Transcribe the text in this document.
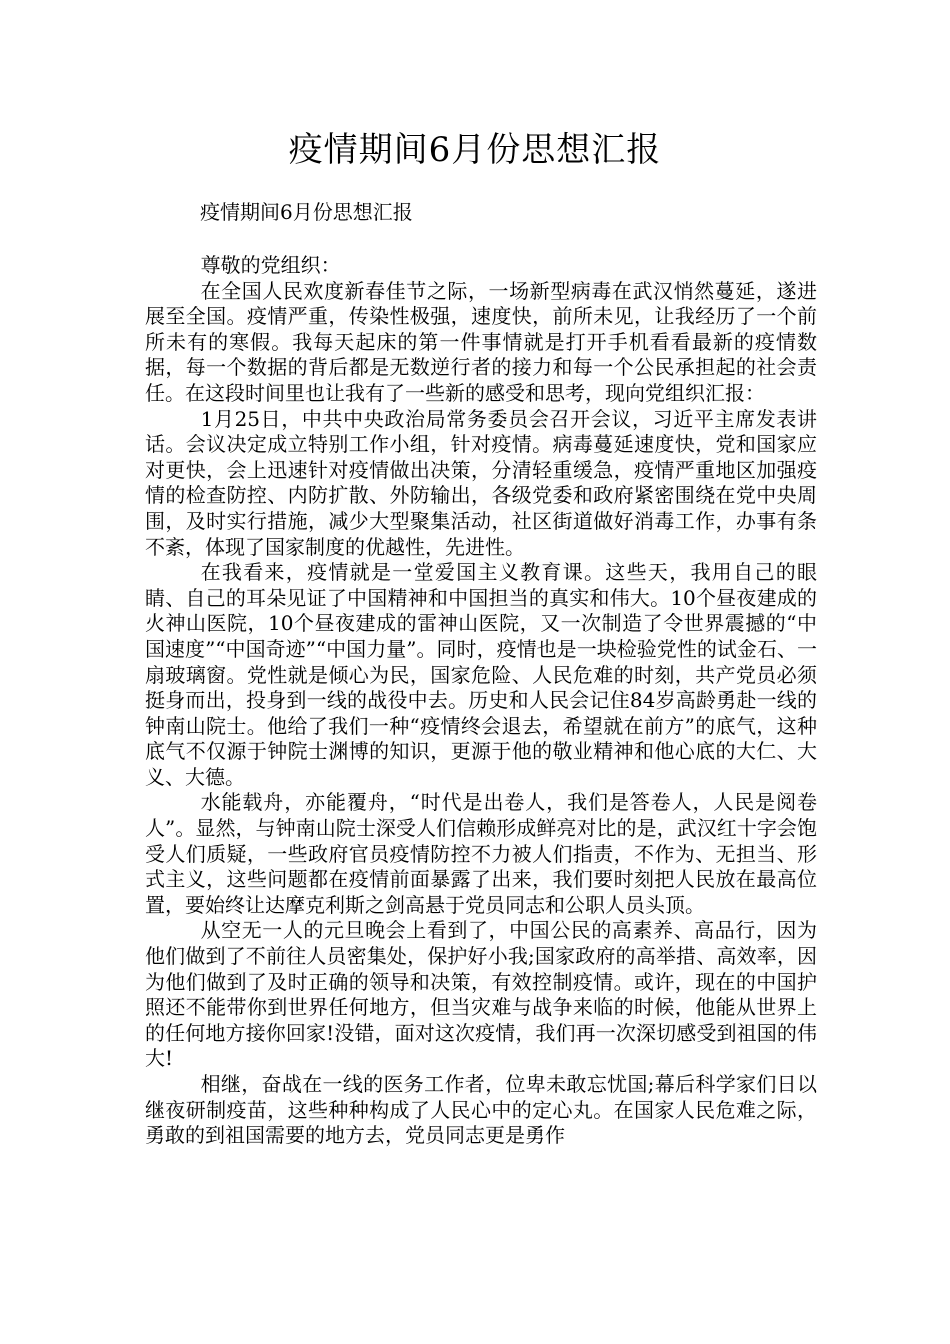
疫情期间6月份思想汇报
疫情期间6月份思想汇报

尊敬的党组织：

在全国人民欢度新春佳节之际，一场新型病毒在武汉悄然蔓延，遂进展至全国。疫情严重，传染性极强，速度快，前所未见，让我经历了一个前所未有的寒假。我每天起床的第一件事情就是打开手机看看最新的疫情数据，每一个数据的背后都是无数逆行者的接力和每一个公民承担起的社会责任。在这段时间里也让我有了一些新的感受和思考，现向党组织汇报：

1月25日，中共中央政治局常务委员会召开会议，习近平主席发表讲话。会议决定成立特别工作小组，针对疫情。病毒蔓延速度快，党和国家应对更快，会上迅速针对疫情做出决策，分清轻重缓急，疫情严重地区加强疫情的检查防控、内防扩散、外防输出，各级党委和政府紧密围绕在党中央周围，及时实行措施，减少大型聚集活动，社区街道做好消毒工作，办事有条不紊，体现了国家制度的优越性，先进性。

在我看来，疫情就是一堂爱国主义教育课。这些天，我用自己的眼睛、自己的耳朵见证了中国精神和中国担当的真实和伟大。10个昼夜建成的火神山医院，10个昼夜建成的雷神山医院，又一次制造了令世界震撼的“中国速度”“中国奇迹”“中国力量”。同时，疫情也是一块检验党性的试金石、一扇玻璃窗。党性就是倾心为民，国家危险、人民危难的时刻，共产党员必须挺身而出，投身到一线的战役中去。历史和人民会记住84岁高龄勇赴一线的钟南山院士。他给了我们一种“疫情终会退去，希望就在前方”的底气，这种底气不仅源于钟院士渊博的知识，更源于他的敬业精神和他心底的大仁、大义、大德。

水能载舟，亦能覆舟，“时代是出卷人，我们是答卷人，人民是阅卷人”。显然，与钟南山院士深受人们信赖形成鲜亮对比的是，武汉红十字会饱受人们质疑，一些政府官员疫情防控不力被人们指责，不作为、无担当、形式主义，这些问题都在疫情前面暴露了出来，我们要时刻把人民放在最高位置，要始终让达摩克利斯之剑高悬于党员同志和公职人员头顶。

从空无一人的元旦晚会上看到了，中国公民的高素养、高品行，因为他们做到了不前往人员密集处，保护好小我;国家政府的高举措、高效率，因为他们做到了及时正确的领导和决策，有效控制疫情。或许，现在的中国护照还不能带你到世界任何地方，但当灾难与战争来临的时候，他能从世界上的任何地方接你回家!没错，面对这次疫情，我们再一次深切感受到祖国的伟大!

相继，奋战在一线的医务工作者，位卑未敢忘忧国;幕后科学家们日以继夜研制疫苗，这些种种构成了人民心中的定心丸。在国家人民危难之际，勇敢的到祖国需要的地方去，党员同志更是勇作
